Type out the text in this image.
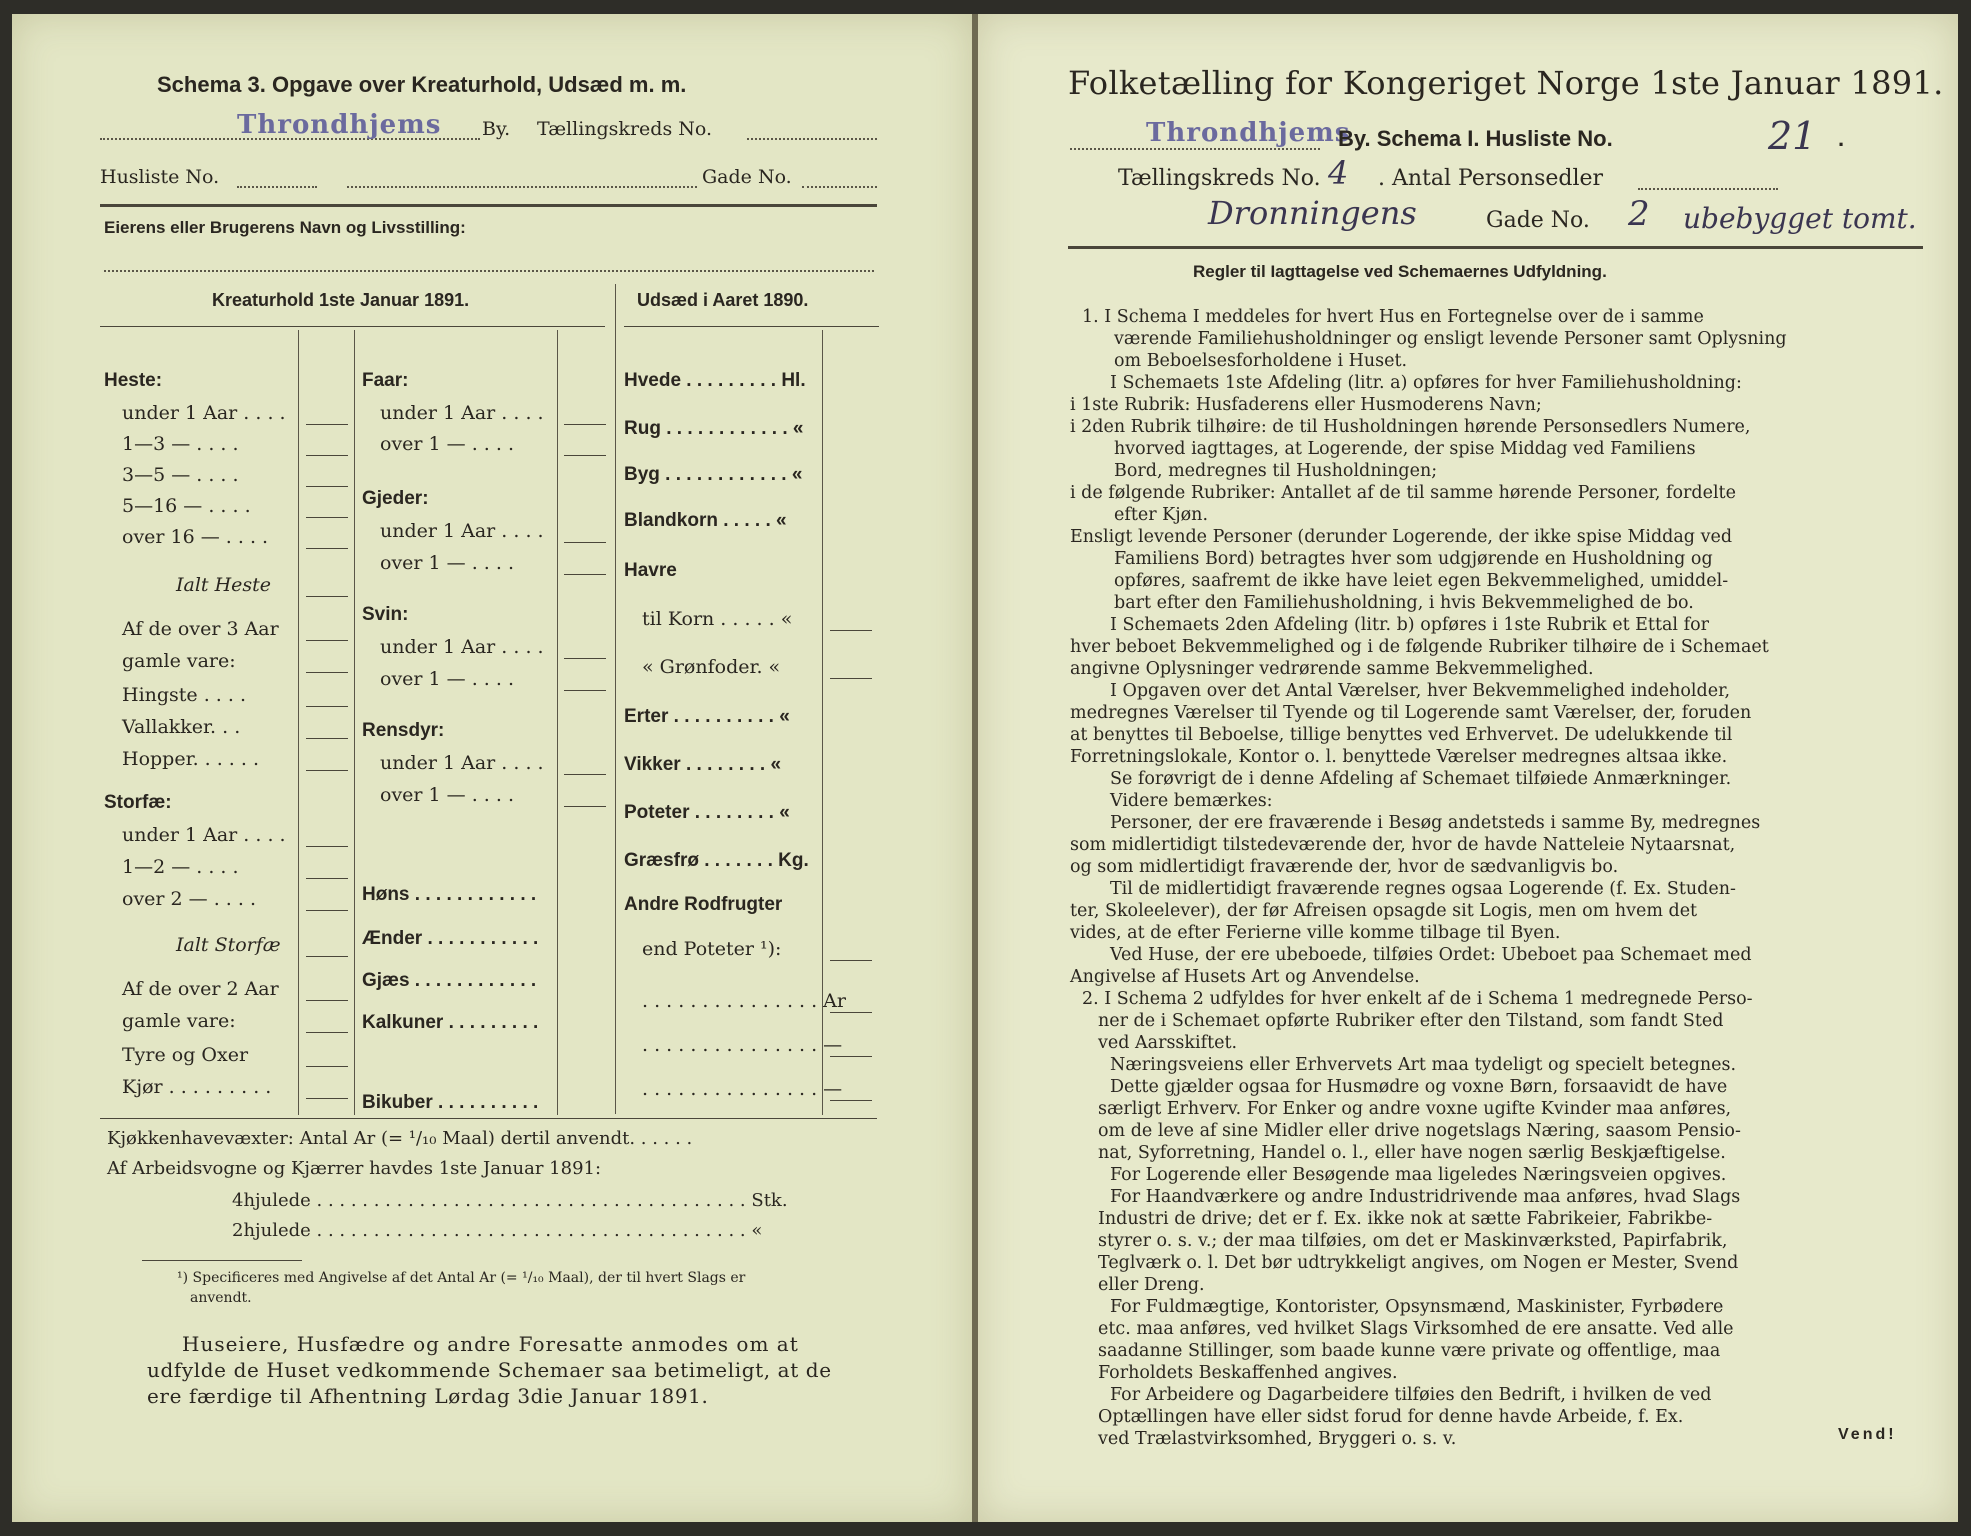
Schema 3. Opgave over Kreaturhold, Udsæd m. m.
Throndhjems By. Tællingskreds No.
Husliste No.	Gade No.
Eierens eller Brugerens Navn og Livsstilling:
Kreaturhold 1ste Januar 1891.	Udsæd i Aaret 1890.
Heste:
under 1 Aar . . . .
1—3 — . . . .
3—5 — . . . .
5—16 — . . . .
over 16 — . . . .
Ialt Heste
Af de over 3 Aar
gamle vare:
Hingste . . . .
Vallakker. . .
Hopper. . . . . .
Storfæ:
under 1 Aar . . . .
1—2 — . . . .
over 2 — . . . .
Ialt Storfæ
Af de over 2 Aar
gamle vare:
Tyre og Oxer
Kjør . . . . . . . . .
Faar:
under 1 Aar . . . .
over 1 — . . . .
Gjeder:
under 1 Aar . . . .
over 1 — . . . .
Svin:
under 1 Aar . . . .
over 1 — . . . .
Rensdyr:
under 1 Aar . . . .
over 1 — . . . .
Høns . . . . . . . . . . . .
Ænder . . . . . . . . . . .
Gjæs . . . . . . . . . . . .
Kalkuner . . . . . . . . .
Bikuber . . . . . . . . . .
Hvede . . . . . . . . . Hl.
Rug . . . . . . . . . . . . «
Byg . . . . . . . . . . . . «
Blandkorn . . . . . «
Havre
til Korn . . . . . «
« Grønfoder. «
Erter . . . . . . . . . . «
Vikker . . . . . . . . «
Poteter . . . . . . . . «
Græsfrø . . . . . . . Kg.
Andre Rodfrugter
end Poteter ¹):
. . . . . . . . . . . . . . . Ar
. . . . . . . . . . . . . . . —
. . . . . . . . . . . . . . . —
Kjøkkenhavevæxter: Antal Ar (= ¹/₁₀ Maal) dertil anvendt. . . . . .
Af Arbeidsvogne og Kjærrer havdes 1ste Januar 1891:
4hjulede . . . . . . . . . . . . . . . . . . . . . . . . . . . . . . . . . . . . . . Stk.
2hjulede . . . . . . . . . . . . . . . . . . . . . . . . . . . . . . . . . . . . . . «
¹) Specificeres med Angivelse af det Antal Ar (= ¹/₁₀ Maal), der til hvert Slags er
anvendt.
Huseiere, Husfædre og andre Foresatte anmodes om at
udfylde de Huset vedkommende Schemaer saa betimeligt, at de
ere færdige til Afhentning Lørdag 3die Januar 1891.
Folketælling for Kongeriget Norge 1ste Januar 1891.
Throndhjems
By. Schema I. Husliste No.	21 .
Tællingskreds No. 4 . Antal Personsedler
Dronningens	Gade No. 2 ubebygget tomt.
Regler til Iagttagelse ved Schemaernes Udfyldning.

1. I Schema I meddeles for hvert Hus en Fortegnelse over de i samme

værende Familiehusholdninger og ensligt levende Personer samt Oplysning

om Beboelsesforholdene i Huset.

I Schemaets 1ste Afdeling (litr. a) opføres for hver Familiehusholdning:

i 1ste Rubrik: Husfaderens eller Husmoderens Navn;

i 2den Rubrik tilhøire: de til Husholdningen hørende Personsedlers Numere,

hvorved iagttages, at Logerende, der spise Middag ved Familiens

Bord, medregnes til Husholdningen;

i de følgende Rubriker: Antallet af de til samme hørende Personer, fordelte

efter Kjøn.

Ensligt levende Personer (derunder Logerende, der ikke spise Middag ved

Familiens Bord) betragtes hver som udgjørende en Husholdning og

opføres, saafremt de ikke have leiet egen Bekvemmelighed, umiddel-

bart efter den Familiehusholdning, i hvis Bekvemmelighed de bo.

I Schemaets 2den Afdeling (litr. b) opføres i 1ste Rubrik et Ettal for

hver beboet Bekvemmelighed og i de følgende Rubriker tilhøire de i Schemaet

angivne Oplysninger vedrørende samme Bekvemmelighed.

I Opgaven over det Antal Værelser, hver Bekvemmelighed indeholder,

medregnes Værelser til Tyende og til Logerende samt Værelser, der, foruden

at benyttes til Beboelse, tillige benyttes ved Erhvervet. De udelukkende til

Forretningslokale, Kontor o. l. benyttede Værelser medregnes altsaa ikke.

Se forøvrigt de i denne Afdeling af Schemaet tilføiede Anmærkninger.

Videre bemærkes:

Personer, der ere fraværende i Besøg andetsteds i samme By, medregnes

som midlertidigt tilstedeværende der, hvor de havde Natteleie Nytaarsnat,

og som midlertidigt fraværende der, hvor de sædvanligvis bo.

Til de midlertidigt fraværende regnes ogsaa Logerende (f. Ex. Studen-

ter, Skoleelever), der før Afreisen opsagde sit Logis, men om hvem det

vides, at de efter Ferierne ville komme tilbage til Byen.

Ved Huse, der ere ubeboede, tilføies Ordet: Ubeboet paa Schemaet med

Angivelse af Husets Art og Anvendelse.

2. I Schema 2 udfyldes for hver enkelt af de i Schema 1 medregnede Perso-

ner de i Schemaet opførte Rubriker efter den Tilstand, som fandt Sted

ved Aarsskiftet.

Næringsveiens eller Erhvervets Art maa tydeligt og specielt betegnes.

Dette gjælder ogsaa for Husmødre og voxne Børn, forsaavidt de have

særligt Erhverv. For Enker og andre voxne ugifte Kvinder maa anføres,

om de leve af sine Midler eller drive nogetslags Næring, saasom Pensio-

nat, Syforretning, Handel o. l., eller have nogen særlig Beskjæftigelse.

For Logerende eller Besøgende maa ligeledes Næringsveien opgives.

For Haandværkere og andre Industridrivende maa anføres, hvad Slags

Industri de drive; det er f. Ex. ikke nok at sætte Fabrikeier, Fabrikbe-

styrer o. s. v.; der maa tilføies, om det er Maskinværksted, Papirfabrik,

Teglværk o. l. Det bør udtrykkeligt angives, om Nogen er Mester, Svend

eller Dreng.

For Fuldmægtige, Kontorister, Opsynsmænd, Maskinister, Fyrbødere

etc. maa anføres, ved hvilket Slags Virksomhed de ere ansatte. Ved alle

saadanne Stillinger, som baade kunne være private og offentlige, maa

Forholdets Beskaffenhed angives.

For Arbeidere og Dagarbeidere tilføies den Bedrift, i hvilken de ved

Optællingen have eller sidst forud for denne havde Arbeide, f. Ex.

ved Trælastvirksomhed, Bryggeri o. s. v.	Vend!
